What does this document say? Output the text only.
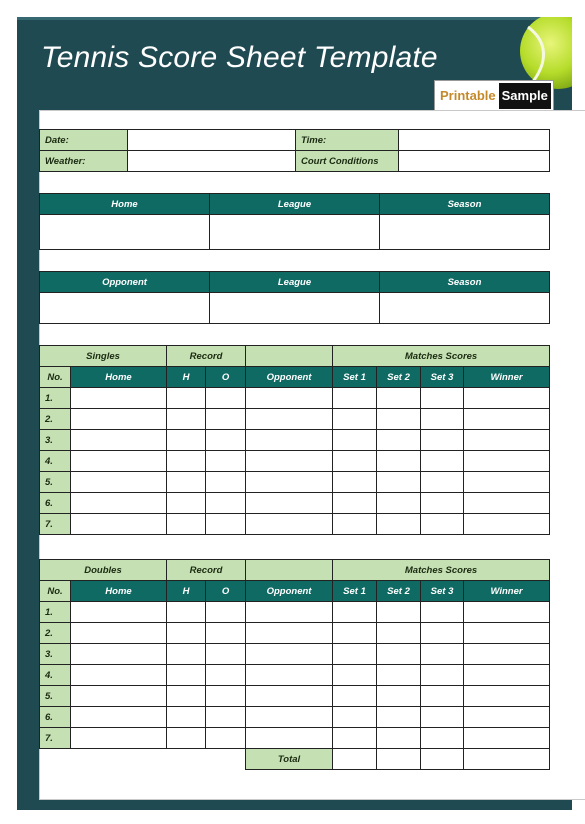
Tennis Score Sheet Template
Printable Sample
Date:		Time:	
Weather:		Court Conditions	
Home	League	Season

Opponent	League	Season

Singles		Record			Matches Scores			
No.	Home	H	O	Opponent	Set 1	Set 2	Set 3	Winner
1.								
2.								
3.								
4.								
5.								
6.								
7.								
Doubles		Record			Matches Scores			
No.	Home	H	O	Opponent	Set 1	Set 2	Set 3	Winner
1.								
2.								
3.								
4.								
5.								
6.								
7.								
				Total				
